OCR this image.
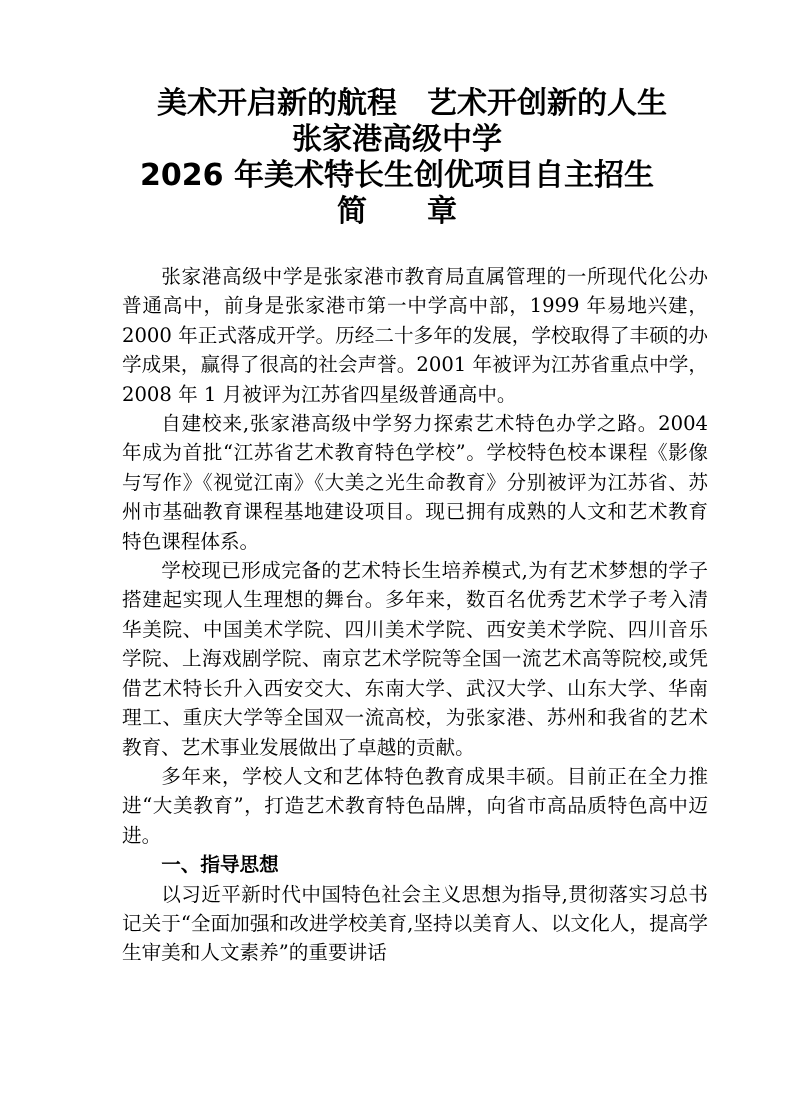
美术开启新的航程　艺术开创新的人生
张家港高级中学
2026 年美术特长生创优项目自主招生
简　　章

张家港高级中学是张家港市教育局直属管理的一所现代化公办普通高中，前身是张家港市第一中学高中部，1999 年易地兴建，2000 年正式落成开学。历经二十多年的发展，学校取得了丰硕的办学成果，赢得了很高的社会声誉。2001 年被评为江苏省重点中学，2008 年 1 月被评为江苏省四星级普通高中。

自建校来,张家港高级中学努力探索艺术特色办学之路。2004 年成为首批“江苏省艺术教育特色学校”。学校特色校本课程《影像与写作》《视觉江南》《大美之光生命教育》分别被评为江苏省、苏州市基础教育课程基地建设项目。现已拥有成熟的人文和艺术教育特色课程体系。

学校现已形成完备的艺术特长生培养模式,为有艺术梦想的学子搭建起实现人生理想的舞台。多年来，数百名优秀艺术学子考入清华美院、中国美术学院、四川美术学院、西安美术学院、四川音乐学院、上海戏剧学院、南京艺术学院等全国一流艺术高等院校,或凭借艺术特长升入西安交大、东南大学、武汉大学、山东大学、华南理工、重庆大学等全国双一流高校，为张家港、苏州和我省的艺术教育、艺术事业发展做出了卓越的贡献。

多年来，学校人文和艺体特色教育成果丰硕。目前正在全力推进“大美教育”，打造艺术教育特色品牌，向省市高品质特色高中迈进。

一、指导思想

以习近平新时代中国特色社会主义思想为指导,贯彻落实习总书记关于“全面加强和改进学校美育,坚持以美育人、以文化人，提高学生审美和人文素养”的重要讲话
